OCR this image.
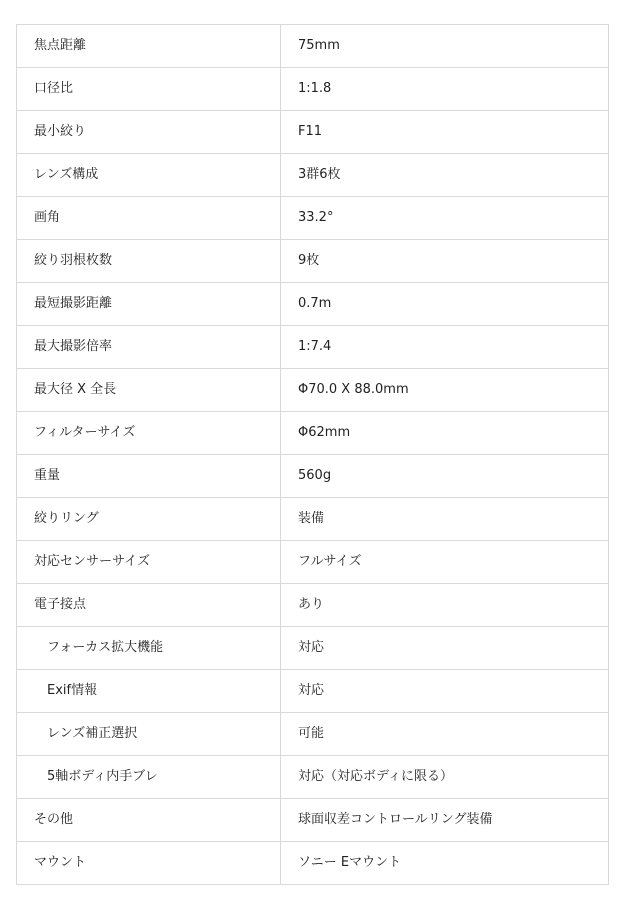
焦点距離	75mm
口径比	1:1.8
最小絞り	F11
レンズ構成	3群6枚
画角	33.2°
絞り羽根枚数	9枚
最短撮影距離	0.7m
最大撮影倍率	1:7.4
最大径 X 全長	Φ70.0 X 88.0mm
フィルターサイズ	Φ62mm
重量	560g
絞りリング	装備
対応センサーサイズ	フルサイズ
電子接点	あり
フォーカス拡大機能	対応
Exif情報	対応
レンズ補正選択	可能
5軸ボディ内手ブレ	対応（対応ボディに限る）
その他	球面収差コントロールリング装備
マウント	ソニー Eマウント
